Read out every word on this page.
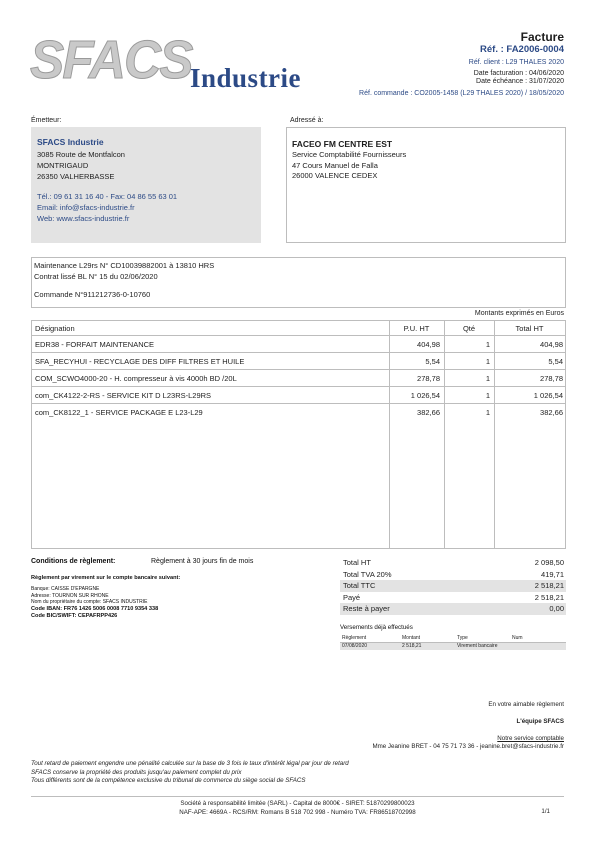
SFACS
Industrie
Facture
Réf. : FA2006-0004
Réf. client : L29 THALES 2020
Date facturation : 04/06/2020
Date échéance : 31/07/2020
Réf. commande : CO2005-1458 (L29 THALES 2020) / 18/05/2020
Émetteur:
SFACS Industrie
3085 Route de Montfalcon
MONTRIGAUD
26350 VALHERBASSE
Tél.: 09 61 31 16 40 - Fax: 04 86 55 63 01
Email: info@sfacs-industrie.fr
Web: www.sfacs-industrie.fr
Adressé à:
FACEO FM CENTRE EST
Service Comptabilité Fournisseurs
47 Cours Manuel de Falla
26000 VALENCE CEDEX
Maintenance L29rs N° CD10039882001 à 13810 HRS
Contrat lissé BL N° 15 du 02/06/2020
Commande N°911212736-0-10760
Montants exprimés en Euros
Désignation	P.U. HT	Qté	Total HT
EDR38 - FORFAIT MAINTENANCE	404,98	1	404,98
SFA_RECYHUI - RECYCLAGE DES DIFF FILTRES ET HUILE	5,54	1	5,54
COM_SCWO4000-20 - H. compresseur à vis 4000h BD /20L	278,78	1	278,78
com_CK4122-2-RS - SERVICE KIT D L23RS-L29RS	1 026,54	1	1 026,54
com_CK8122_1 - SERVICE PACKAGE E L23-L29	382,66	1	382,66
Conditions de règlement:	Règlement à 30 jours fin de mois
Règlement par virement sur le compte bancaire suivant:
Banque: CAISSE D'EPARGNE
Adresse: TOURNON SUR RHONE
Nom du propriétaire du compte: SFACS INDUSTRIE
Code IBAN: FR76 1426 5006 0008 7710 9354 338
Code BIC/SWIFT: CEPAFRPP426
Total HT	2 098,50
Total TVA 20%	419,71
Total TTC	2 518,21
Payé	2 518,21
Reste à payer	0,00
Versements déjà effectués
Règlement	Montant	Type	Num
07/08/2020	2 518,21	Virement bancaire	
En votre aimable règlement
L'équipe SFACS
Notre service comptable
Mme Jeanine BRET - 04 75 71 73 36 - jeanine.bret@sfacs-industrie.fr
Tout retard de paiement engendre une pénalité calculée sur la base de 3 fois le taux d'intérêt légal par jour de retard
SFACS conserve la propriété des produits jusqu'au paiement complet du prix
Tous différents sont de la compétence exclusive du tribunal de commerce du siège social de SFACS
Société à responsabilité limitée (SARL) - Capital de 8000€ - SIRET: 51870299800023
NAF-APE: 4669A - RCS/RM: Romans B 518 702 998 - Numéro TVA: FR86518702998	1/1
